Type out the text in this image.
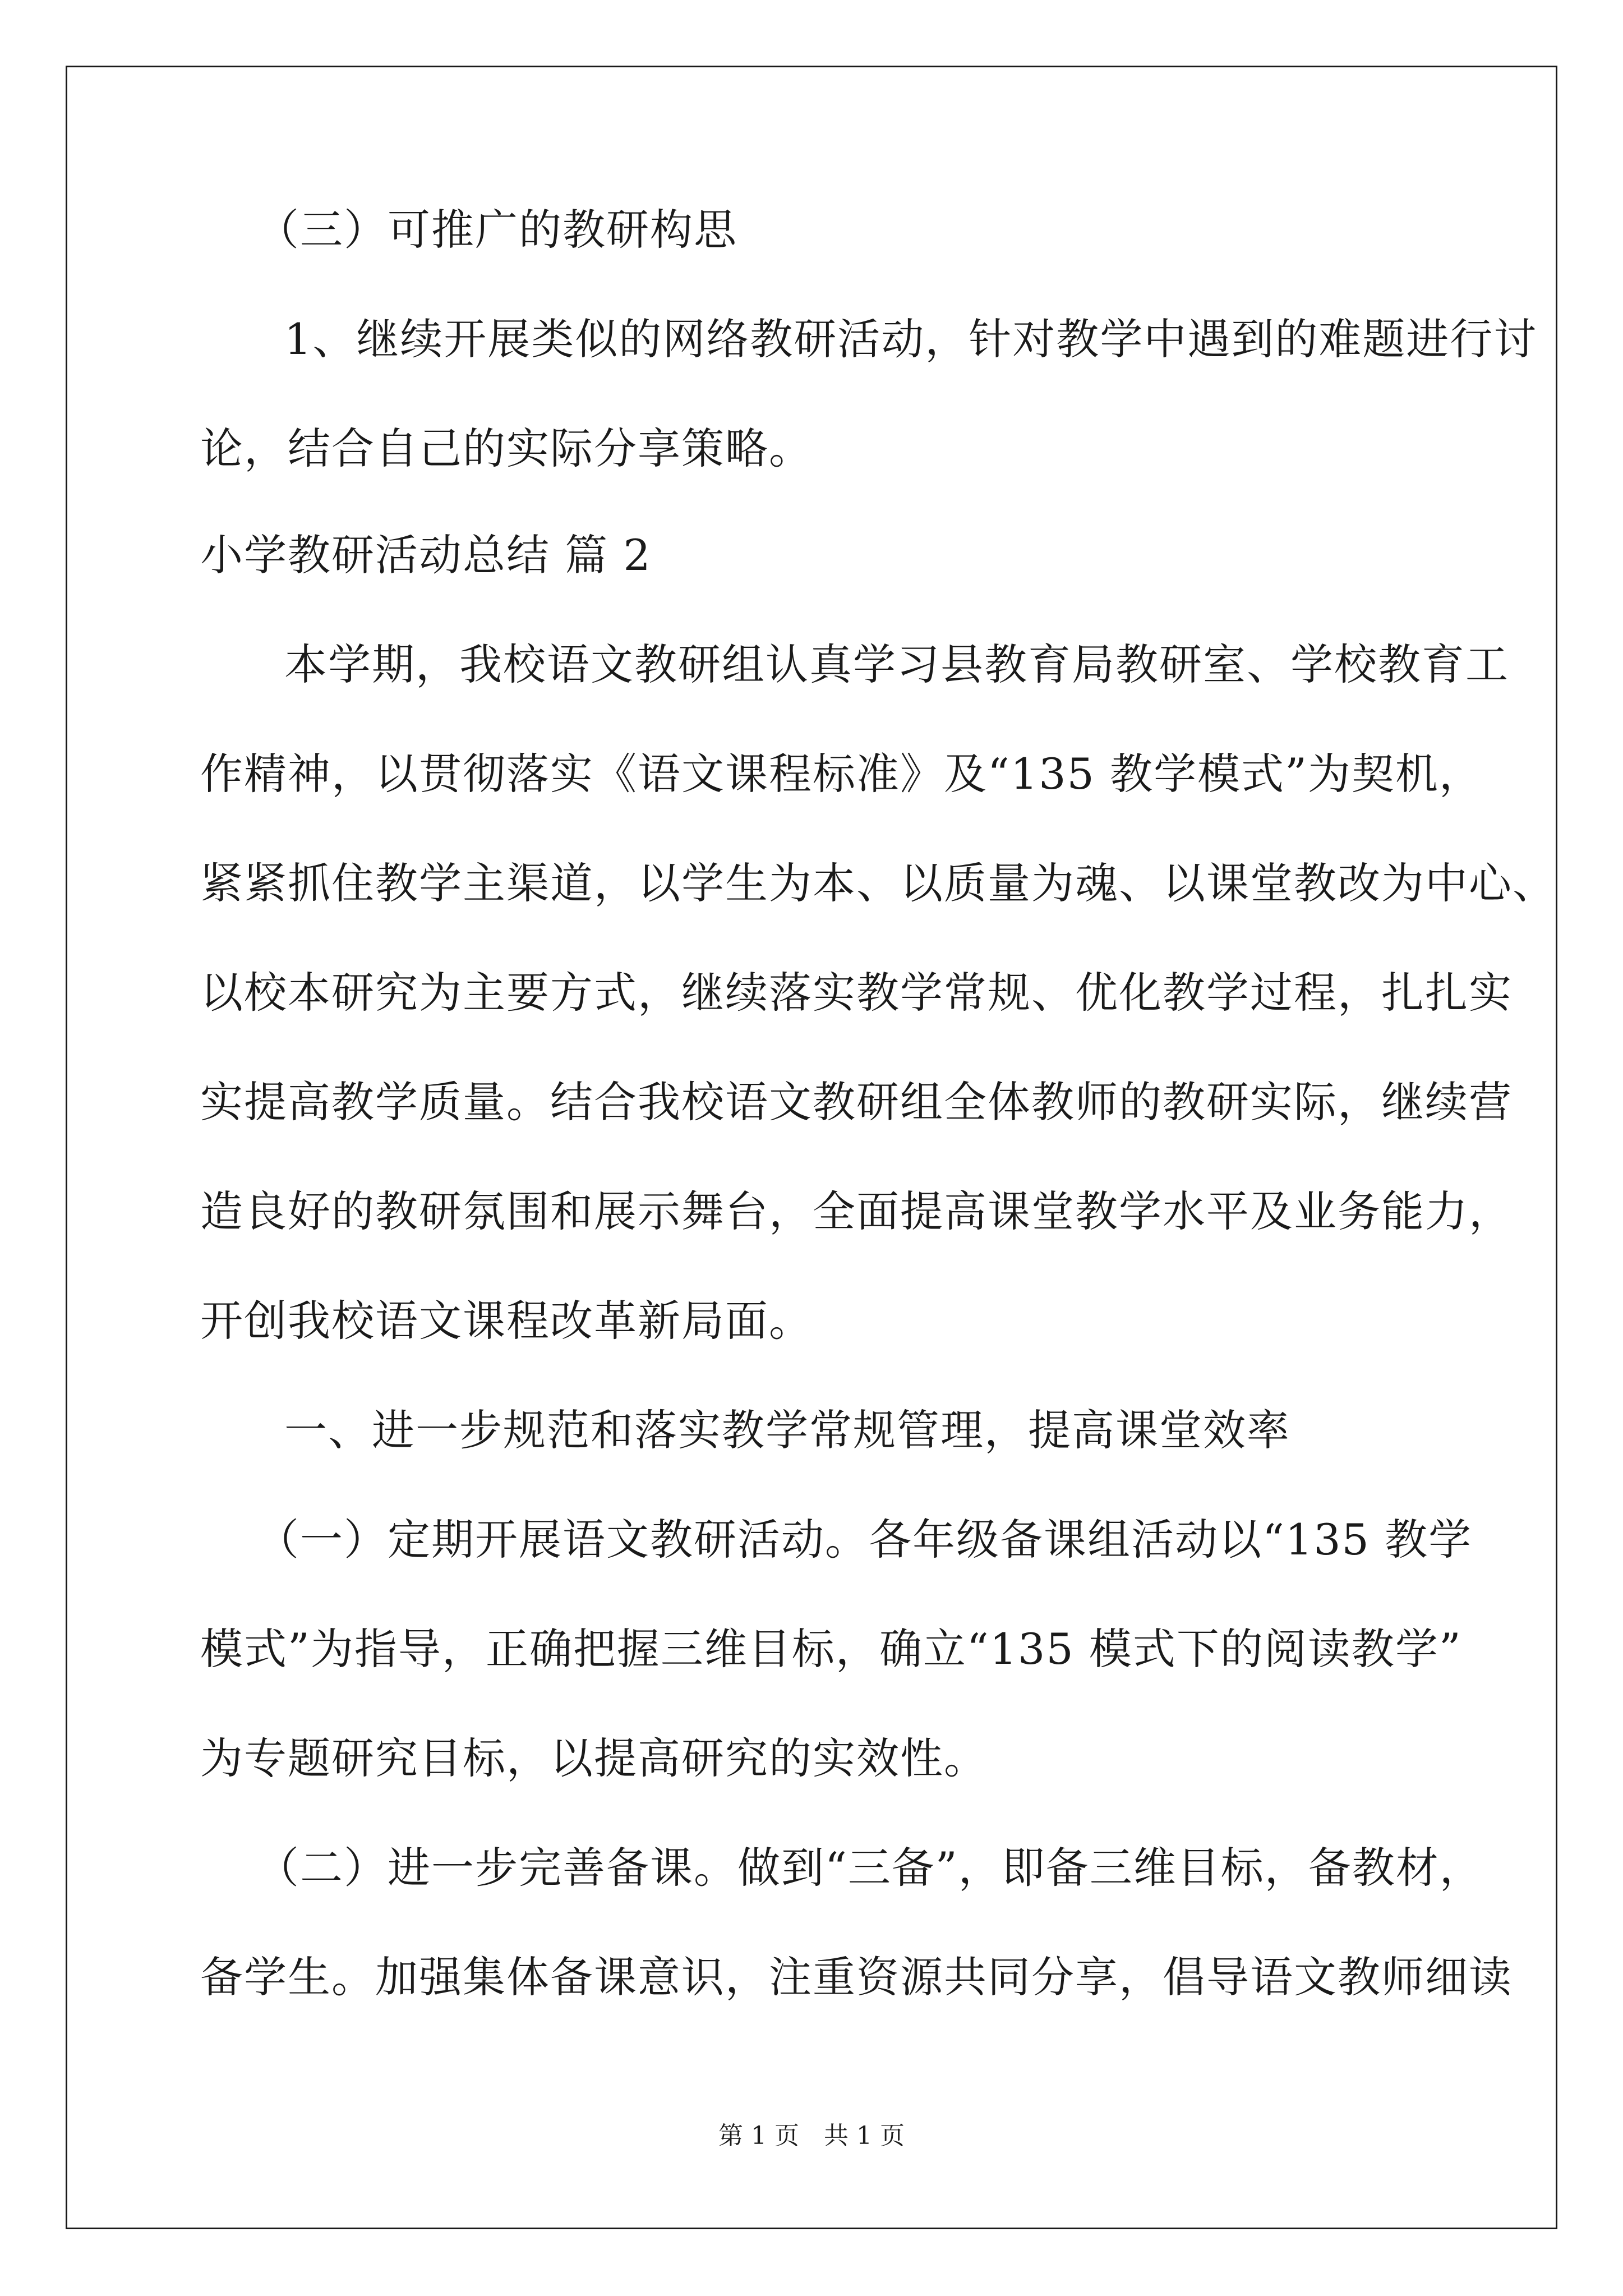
（三）可推广的教研构思
1、继续开展类似的网络教研活动，针对教学中遇到的难题进行讨
论，结合自己的实际分享策略。
小学教研活动总结 篇 2
本学期，我校语文教研组认真学习县教育局教研室、学校教育工
作精神，以贯彻落实《语文课程标准》及“135 教学模式”为契机，
紧紧抓住教学主渠道，以学生为本、以质量为魂、以课堂教改为中心、
以校本研究为主要方式，继续落实教学常规、优化教学过程，扎扎实
实提高教学质量。结合我校语文教研组全体教师的教研实际，继续营
造良好的教研氛围和展示舞台，全面提高课堂教学水平及业务能力，
开创我校语文课程改革新局面。
一、进一步规范和落实教学常规管理，提高课堂效率
（一）定期开展语文教研活动。各年级备课组活动以“135 教学
模式”为指导，正确把握三维目标，确立“135 模式下的阅读教学”
为专题研究目标，以提高研究的实效性。
（二）进一步完善备课。做到“三备”，即备三维目标，备教材，
备学生。加强集体备课意识，注重资源共同分享，倡导语文教师细读
第 1 页　共 1 页
